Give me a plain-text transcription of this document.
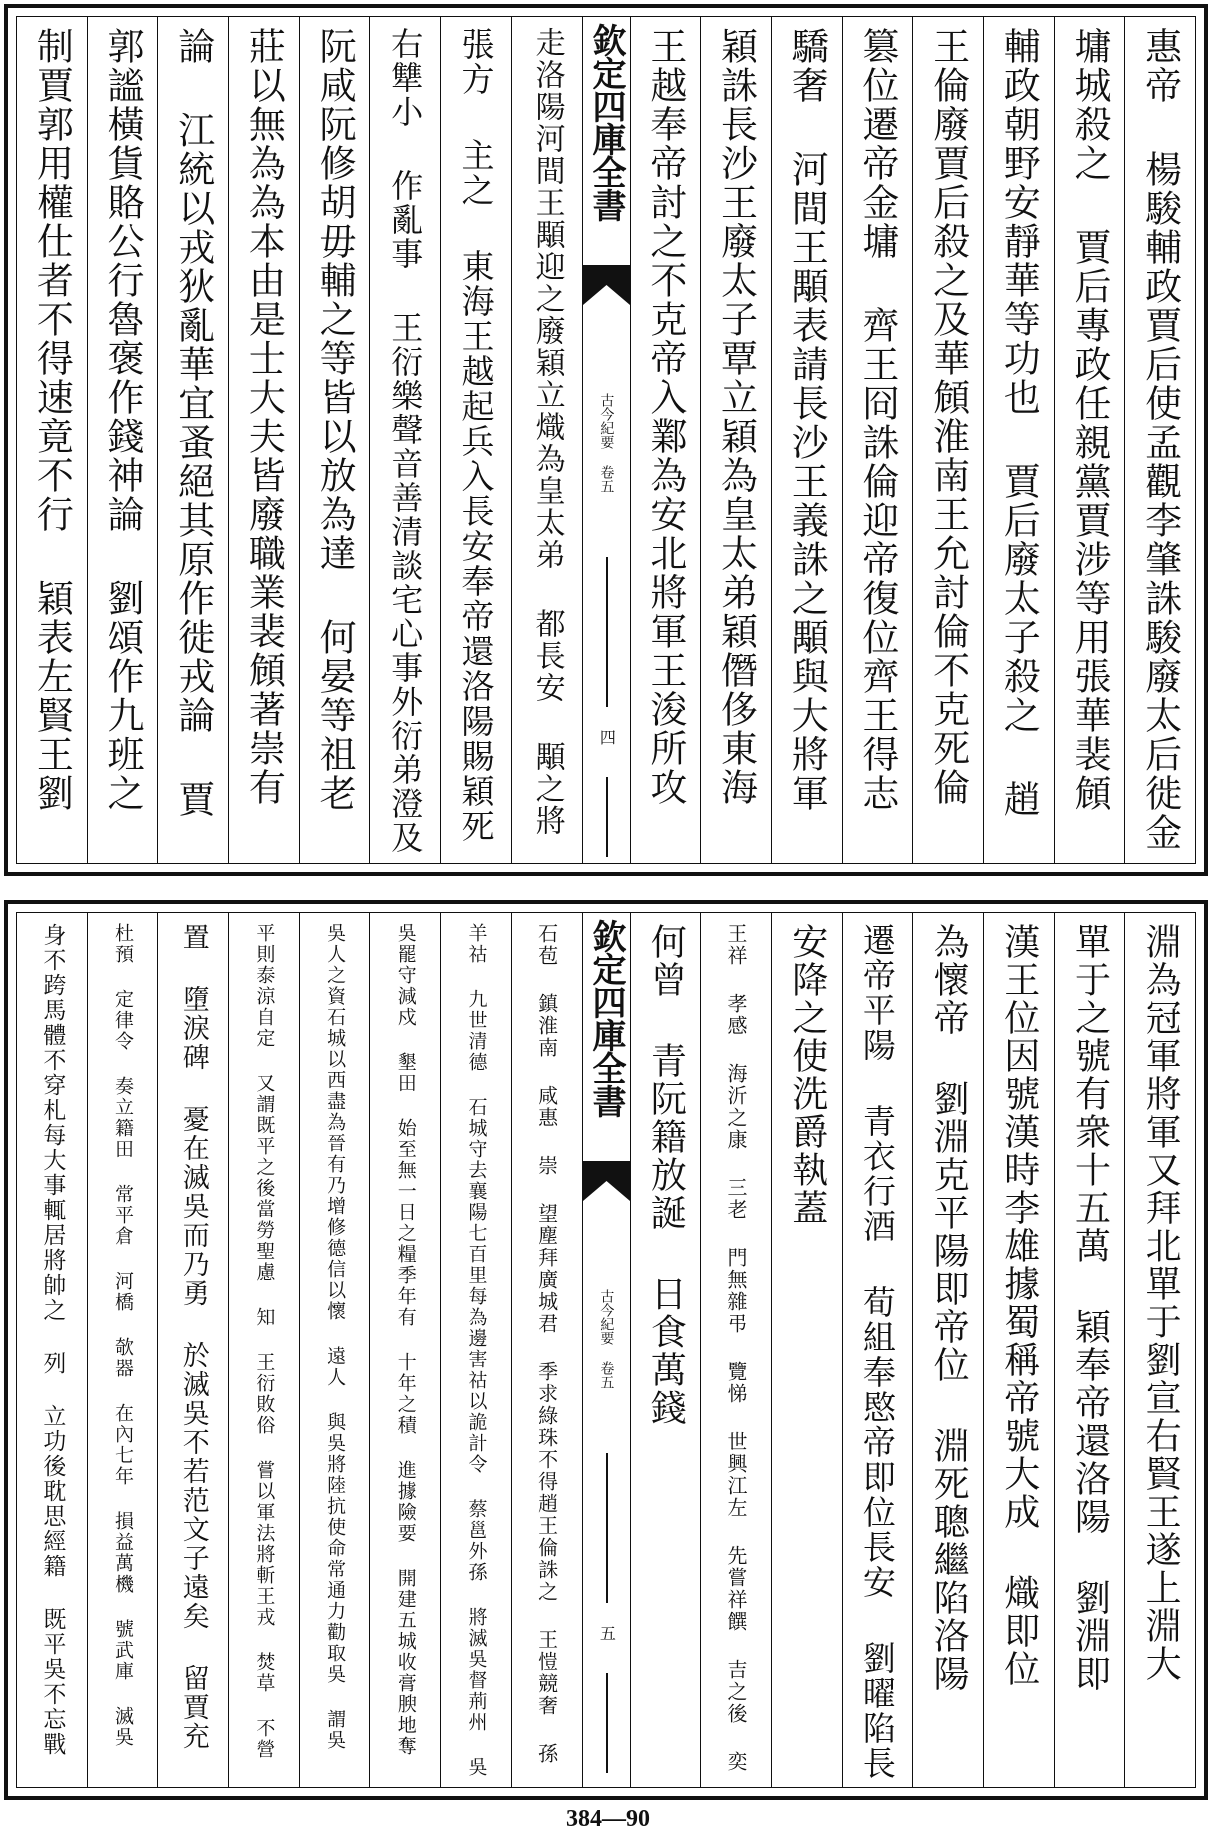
惠帝 楊駿輔政賈后使孟觀李肇誅駿廢太后徙金
墉城殺之 賈后專政任親黨賈涉等用張華裴頠
輔政朝野安靜華等功也 賈后廢太子殺之 趙
王倫廢賈后殺之及華頠淮南王允討倫不克死倫
篡位遷帝金墉 齊王冏誅倫迎帝復位齊王得志
驕奢 河間王顒表請長沙王義誅之顒與大將軍
穎誅長沙王廢太子覃立穎為皇太弟穎僭侈東海
王越奉帝討之不克帝入鄴為安北將軍王浚所攻
欽定四庫全書
古今紀要 卷五
四
走洛陽河間王顒迎之廢穎立熾為皇太弟 都長安 顒之將
張方 主之 東海王越起兵入長安奉帝還洛陽賜穎死
右犨小 作亂事 王衍樂聲音善清談宅心事外衍弟澄及
阮咸阮修胡毋輔之等皆以放為達 何晏等祖老
莊以無為為本由是士大夫皆廢職業裴頠著崇有
論 江統以戎狄亂華宜蚤絕其原作徙戎論 賈
郭謐橫貨賂公行魯褒作錢神論 劉頌作九班之
制賈郭用權仕者不得速竟不行 穎表左賢王劉
淵為冠軍將軍又拜北單于劉宣右賢王遂上淵大
單于之號有衆十五萬 穎奉帝還洛陽 劉淵即
漢王位因號漢時李雄據蜀稱帝號大成 熾即位
為懷帝 劉淵克平陽即帝位 淵死聰繼陷洛陽
遷帝平陽 青衣行酒 荀組奉愍帝即位長安 劉曜陷長
安降之使洗爵執蓋
王祥 孝感 海沂之康 三老 門無雜弔 覽悌 世興江左 先嘗祥饌 吉之後 奕
何曾 青阮籍放誕 日食萬錢
欽定四庫全書
古今紀要 卷五
五
石苞 鎮淮南 咸惠 崇 望塵拜廣城君 季求綠珠不得趙王倫誅之 王愷競奢 孫
羊祜 九世清德 石城守去襄陽七百里每為邊害祜以詭計令 蔡邕外孫 將滅吳督荊州 吳
吳罷守減戍 墾田 始至無一日之糧季年有 十年之積 進據險要 開建五城收膏腴地奪
吳人之資石城以西盡為晉有乃增修德信以懷 遠人 與吳將陸抗使命常通力勸取吳 謂吳
平則泰涼自定 又謂既平之後當勞聖慮 知 王衍敗俗 嘗以軍法將斬王戎 焚草 不營
置 墮淚碑 憂在滅吳而乃勇 於滅吳不若范文子遠矣 留賈充
杜預 定律令 奏立籍田 常平倉 河橋 欹器 在內七年 損益萬機 號武庫 滅吳
身不跨馬體不穿札每大事輒居將帥之 列 立功後耽思經籍 既平吳不忘戰
384—90
